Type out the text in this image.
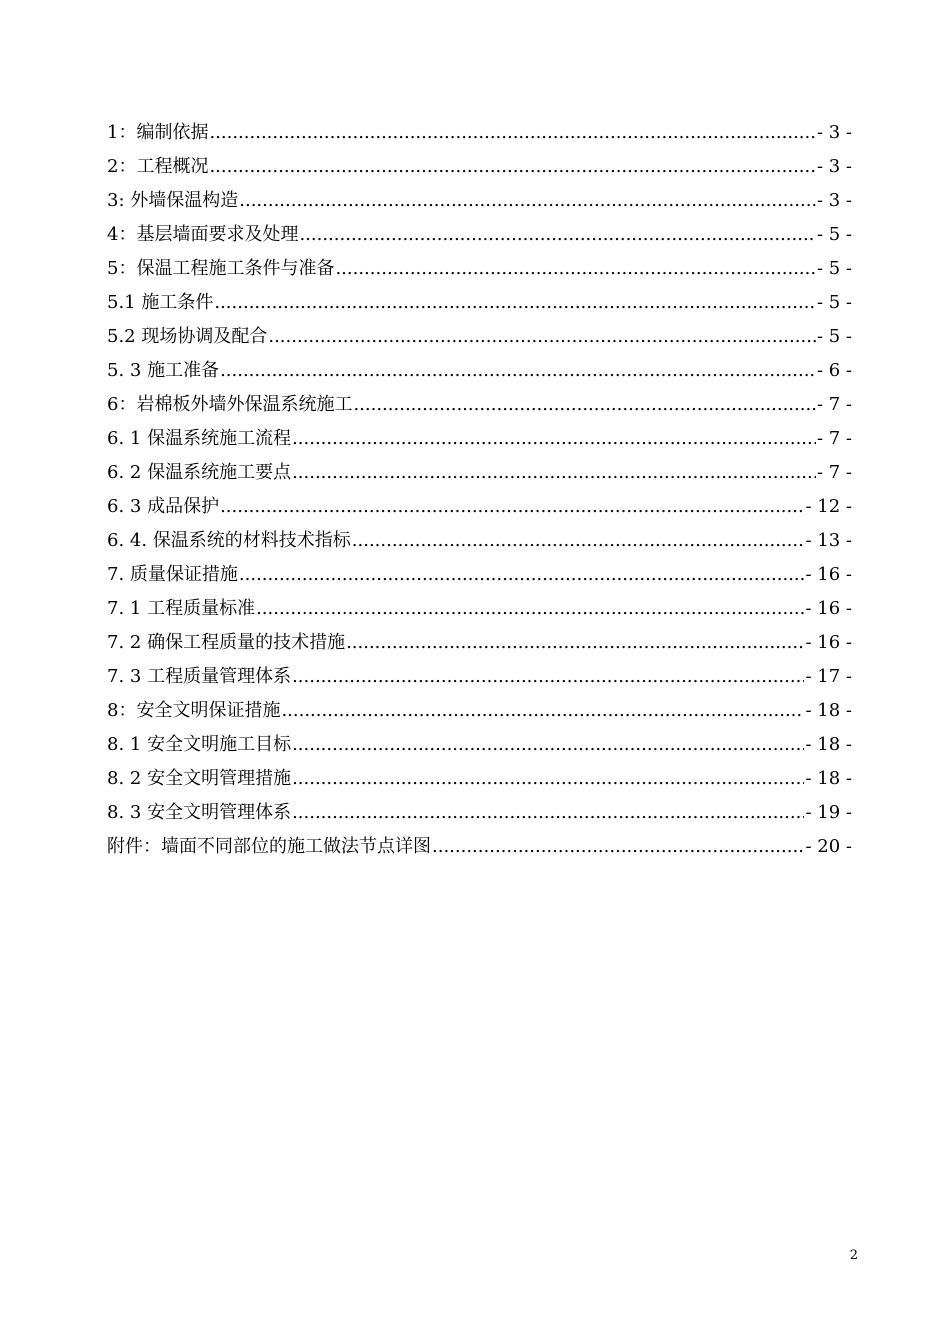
1：编制依据 .....	- 3 -
2：工程概况 .....	- 3 -
3: 外墙保温构造 .....	- 3 -
4：基层墙面要求及处理 .....	- 5 -
5：保温工程施工条件与准备 .....	- 5 -
5.1 施工条件 .....	- 5 -
5.2 现场协调及配合 .....	- 5 -
5. 3 施工准备 .....	- 6 -
6：岩棉板外墙外保温系统施工 .....	- 7 -
6. 1 保温系统施工流程 .....	- 7 -
6. 2 保温系统施工要点 .....	- 7 -
6. 3 成品保护 .....	- 12 -
6. 4. 保温系统的材料技术指标 .....	- 13 -
7. 质量保证措施 .....	- 16 -
7. 1 工程质量标准 .....	- 16 -
7. 2 确保工程质量的技术措施 .....	- 16 -
7. 3 工程质量管理体系 .....	- 17 -
8：安全文明保证措施 .....	- 18 -
8. 1 安全文明施工目标 .....	- 18 -
8. 2 安全文明管理措施 .....	- 18 -
8. 3 安全文明管理体系 .....	- 19 -
附件：墙面不同部位的施工做法节点详图 .....	- 20 -
2
